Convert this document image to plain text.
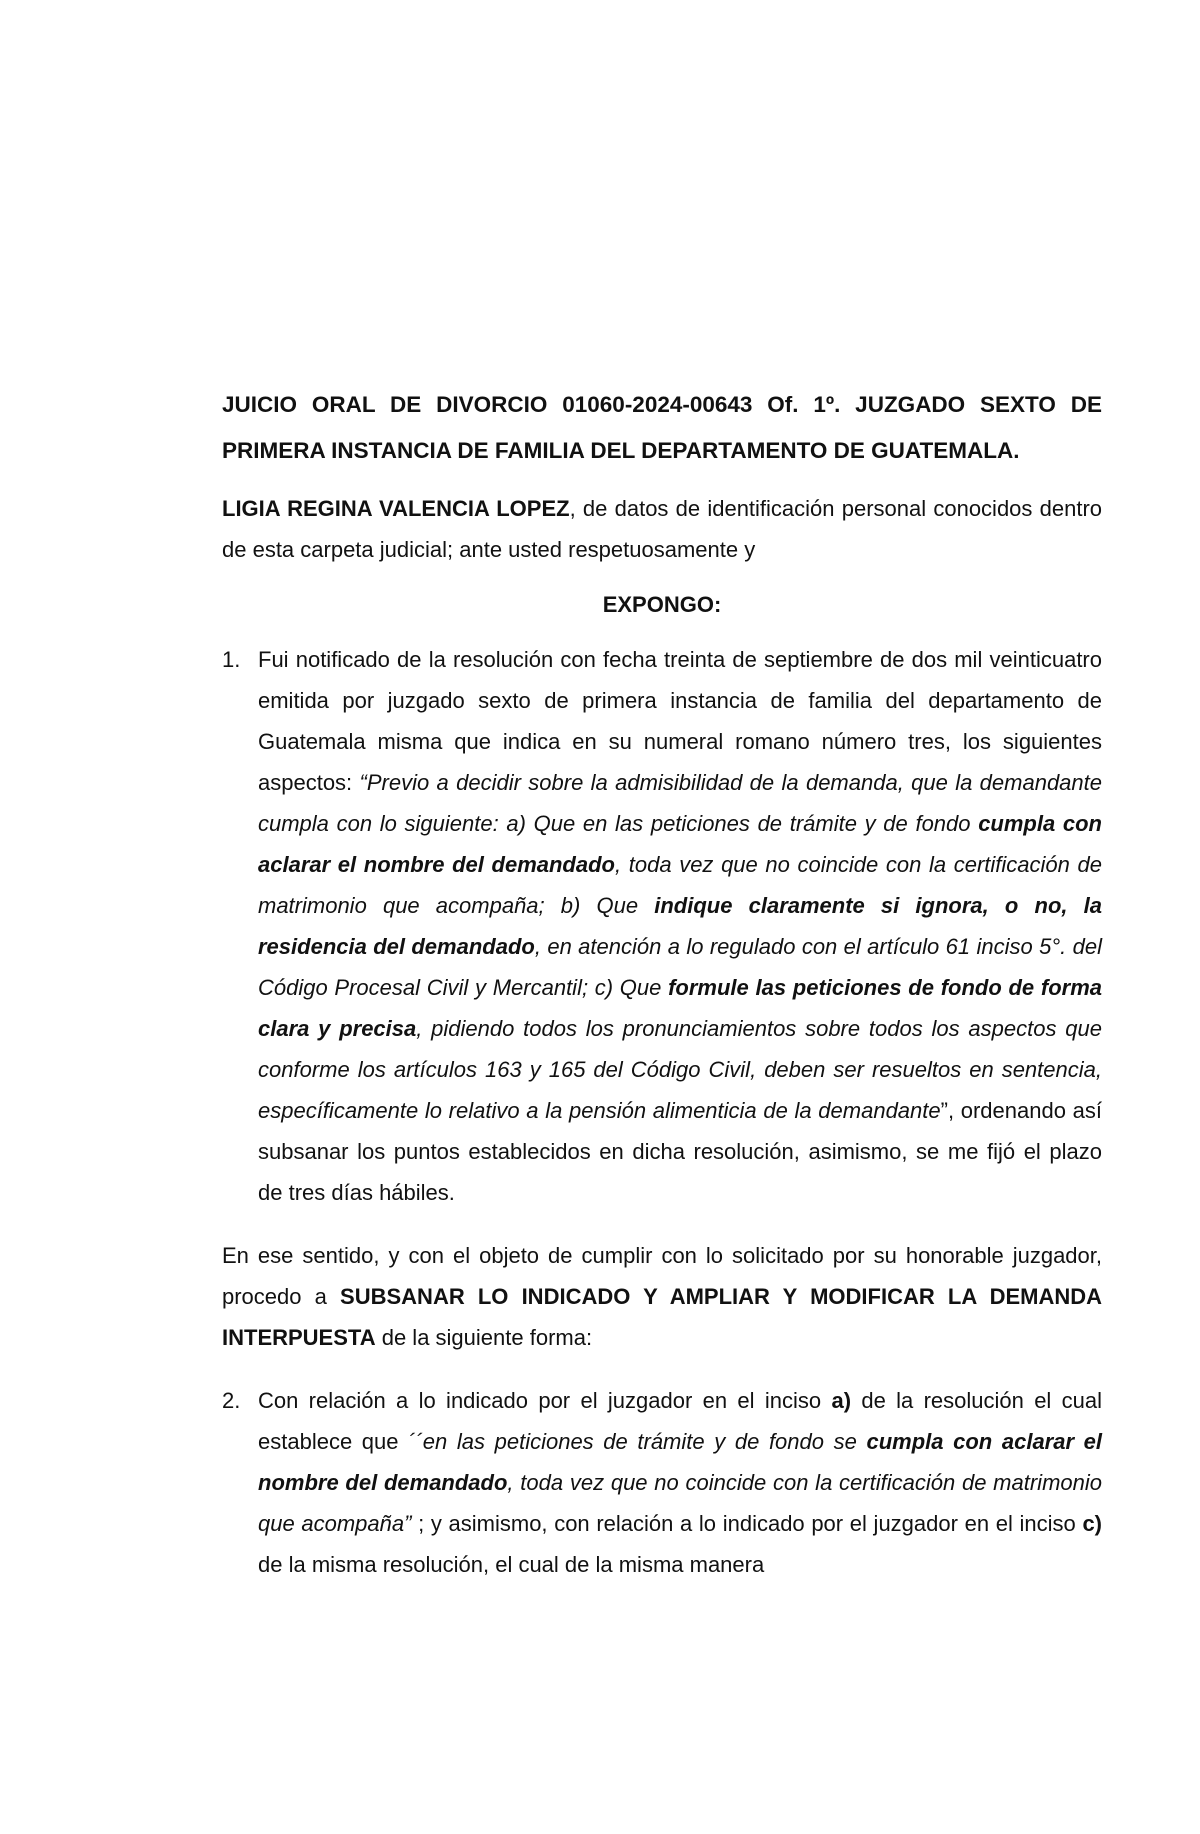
JUICIO ORAL DE DIVORCIO 01060-2024-00643 Of. 1º. JUZGADO SEXTO DE
PRIMERA INSTANCIA DE FAMILIA DEL DEPARTAMENTO DE GUATEMALA.

LIGIA REGINA VALENCIA LOPEZ, de datos de identificación personal conocidos dentro de esta carpeta judicial; ante usted respetuosamente y

EXPONGO:

1. Fui notificado de la resolución con fecha treinta de septiembre de dos mil veinticuatro emitida por juzgado sexto de primera instancia de familia del departamento de Guatemala misma que indica en su numeral romano número tres, los siguientes aspectos: “Previo a decidir sobre la admisibilidad de la demanda, que la demandante cumpla con lo siguiente: a) Que en las peticiones de trámite y de fondo cumpla con aclarar el nombre del demandado, toda vez que no coincide con la certificación de matrimonio que acompaña; b) Que indique claramente si ignora, o no, la residencia del demandado, en atención a lo regulado con el artículo 61 inciso 5°. del Código Procesal Civil y Mercantil; c) Que formule las peticiones de fondo de forma clara y precisa, pidiendo todos los pronunciamientos sobre todos los aspectos que conforme los artículos 163 y 165 del Código Civil, deben ser resueltos en sentencia, específicamente lo relativo a la pensión alimenticia de la demandante”, ordenando así subsanar los puntos establecidos en dicha resolución, asimismo, se me fijó el plazo de tres días hábiles.

En ese sentido, y con el objeto de cumplir con lo solicitado por su honorable juzgador, procedo a SUBSANAR LO INDICADO Y AMPLIAR Y MODIFICAR LA DEMANDA INTERPUESTA de la siguiente forma:

2. Con relación a lo indicado por el juzgador en el inciso a) de la resolución el cual establece que ´´en las peticiones de trámite y de fondo se cumpla con aclarar el nombre del demandado, toda vez que no coincide con la certificación de matrimonio que acompaña” ; y asimismo, con relación a lo indicado por el juzgador en el inciso c) de la misma resolución, el cual de la misma manera
